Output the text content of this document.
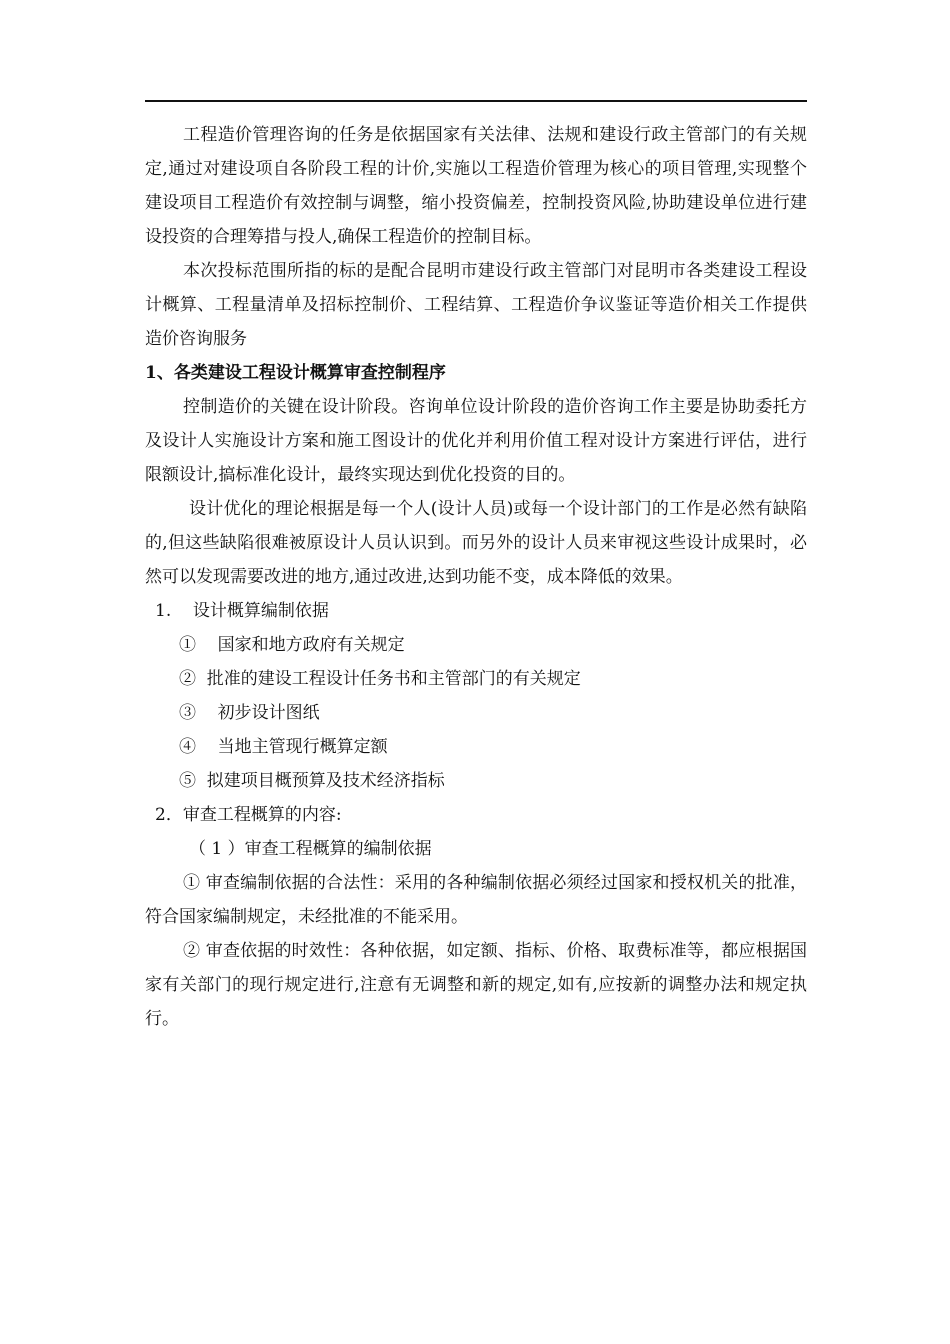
工程造价管理咨询的任务是依据国家有关法律、法规和建设行政主管部门的有关规定,通过对建设项自各阶段工程的计价,实施以工程造价管理为核心的项目管理,实现整个建设项目工程造价有效控制与调整，缩小投资偏差，控制投资风险,协助建设单位进行建设投资的合理筹措与投人,确保工程造价的控制目标。

本次投标范围所指的标的是配合昆明市建设行政主管部门对昆明市各类建设工程设计概算、工程量清单及招标控制价、工程结算、工程造价争议鉴证等造价相关工作提供造价咨询服务

1、各类建设工程设计概算审查控制程序

控制造价的关键在设计阶段。咨询单位设计阶段的造价咨询工作主要是协助委托方及设计人实施设计方案和施工图设计的优化并利用价值工程对设计方案进行评估，进行限额设计,搞标准化设计，最终实现达到优化投资的目的。

设计优化的理论根据是每一个人(设计人员)或每一个设计部门的工作是必然有缺陷的,但这些缺陷很难被原设计人员认识到。而另外的设计人员来审视这些设计成果时，必然可以发现需要改进的地方,通过改进,达到功能不变，成本降低的效果。

1.    设计概算编制依据

①    国家和地方政府有关规定

②  批准的建设工程设计任务书和主管部门的有关规定

③    初步设计图纸

④    当地主管现行概算定额

⑤  拟建项目概预算及技术经济指标

2．审查工程概算的内容:

（ 1 ）审查工程概算的编制依据

① 审查编制依据的合法性：采用的各种编制依据必须经过国家和授权机关的批准，符合国家编制规定，未经批准的不能采用。

② 审查依据的时效性：各种依据，如定额、指标、价格、取费标准等，都应根据国家有关部门的现行规定进行,注意有无调整和新的规定,如有,应按新的调整办法和规定执行。
